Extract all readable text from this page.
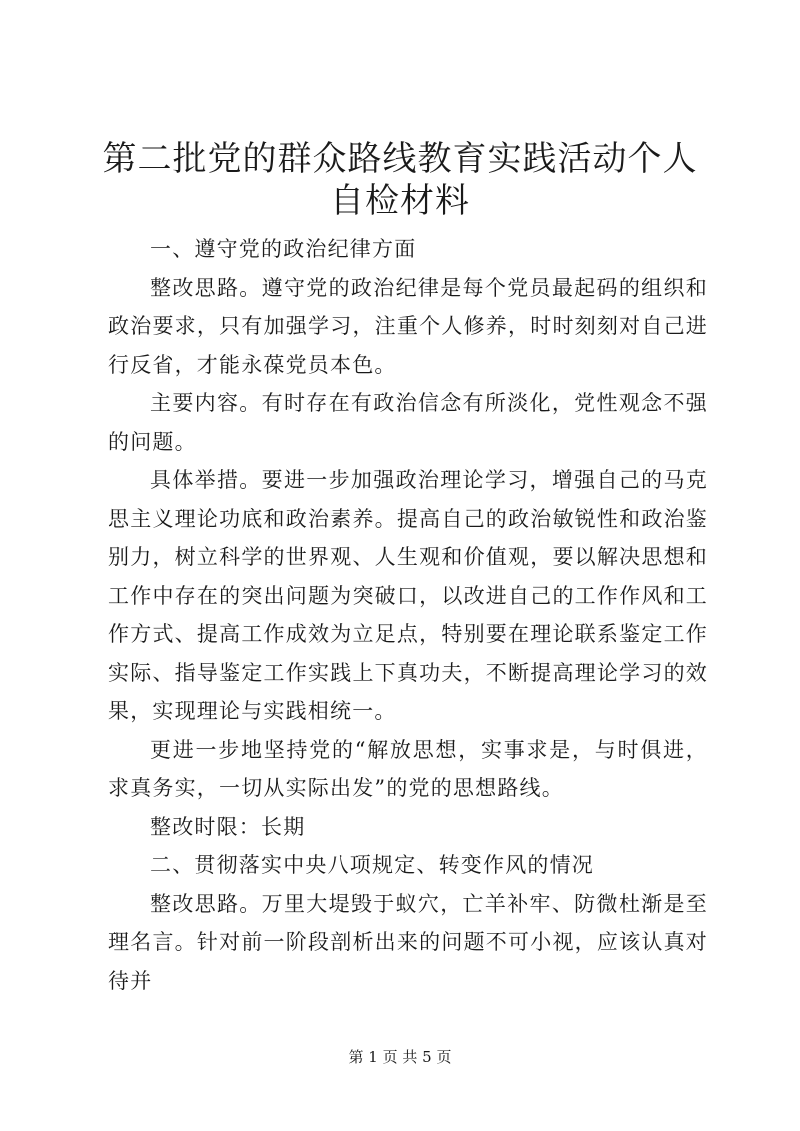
第二批党的群众路线教育实践活动个人自检材料

一、遵守党的政治纪律方面

整改思路。遵守党的政治纪律是每个党员最起码的组织和政治要求，只有加强学习，注重个人修养，时时刻刻对自己进行反省，才能永葆党员本色。

主要内容。有时存在有政治信念有所淡化，党性观念不强的问题。

具体举措。要进一步加强政治理论学习，增强自己的马克思主义理论功底和政治素养。提高自己的政治敏锐性和政治鉴别力，树立科学的世界观、人生观和价值观，要以解决思想和工作中存在的突出问题为突破口，以改进自己的工作作风和工作方式、提高工作成效为立足点，特别要在理论联系鉴定工作实际、指导鉴定工作实践上下真功夫，不断提高理论学习的效果，实现理论与实践相统一。

更进一步地坚持党的“解放思想，实事求是，与时俱进，求真务实，一切从实际出发”的党的思想路线。

整改时限：长期

二、贯彻落实中央八项规定、转变作风的情况

整改思路。万里大堤毁于蚁穴，亡羊补牢、防微杜渐是至理名言。针对前一阶段剖析出来的问题不可小视，应该认真对待并

第 1 页 共 5 页
